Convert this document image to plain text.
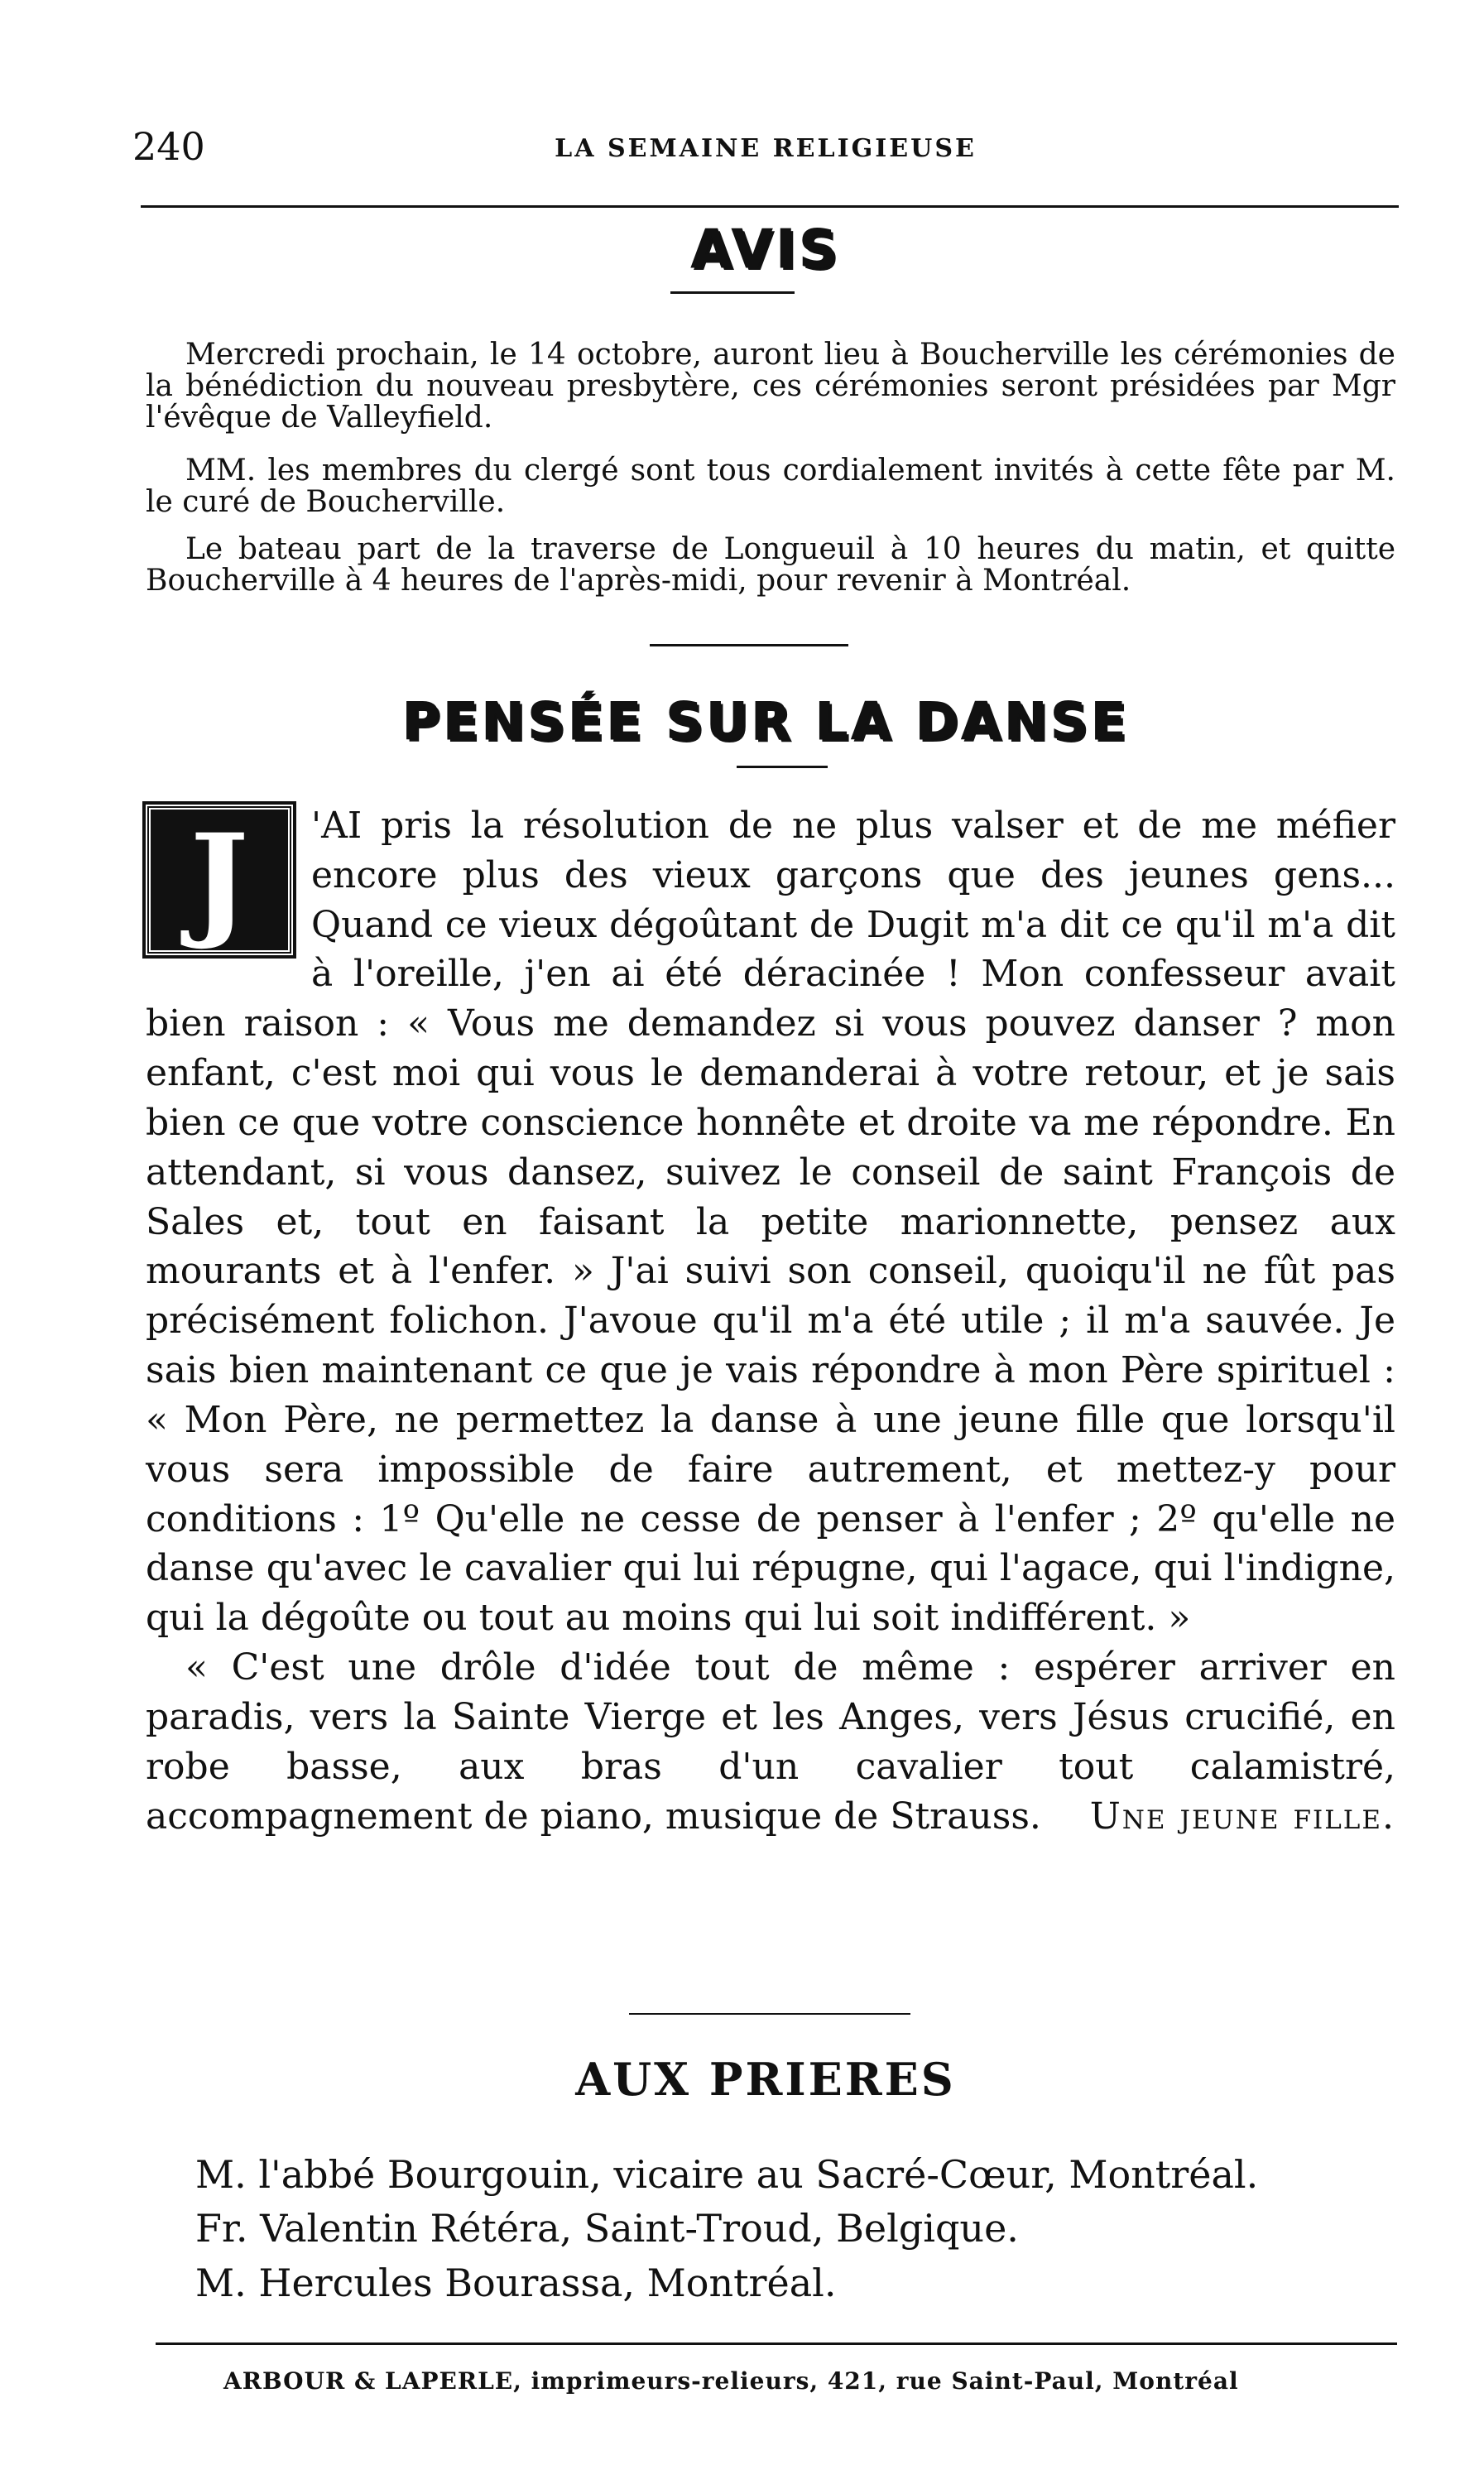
240	LA SEMAINE RELIGIEUSE
AVIS

Mercredi prochain, le 14 octobre, auront lieu à Boucherville les cérémonies de la bénédiction du nouveau presbytère, ces cérémonies seront présidées par Mgr l'évêque de Valleyfield.

MM. les membres du clergé sont tous cordialement invités à cette fête par M. le curé de Boucherville.

Le bateau part de la traverse de Longueuil à 10 heures du matin, et quitte Boucherville à 4 heures de l'après-midi, pour revenir à Montréal.

PENSÉE SUR LA DANSE
J	'AI pris la résolution de ne plus valser et de me méfier encore plus des vieux garçons que des jeunes gens... Quand ce vieux dégoûtant de Dugit m'a dit ce qu'il m'a dit à l'oreille, j'en ai été déracinée ! Mon confesseur avait bien raison : « Vous me demandez si vous pouvez danser ? mon enfant, c'est moi qui vous le demanderai à votre retour, et je sais bien ce que votre conscience honnête et droite va me répondre. En attendant, si vous dansez, suivez le conseil de saint François de Sales et, tout en faisant la petite marionnette, pensez aux mourants et à l'enfer. » J'ai suivi son conseil, quoiqu'il ne fût pas précisément folichon. J'avoue qu'il m'a été utile ; il m'a sauvée. Je sais bien maintenant ce que je vais répondre à mon Père spirituel : « Mon Père, ne permettez la danse à une jeune fille que lorsqu'il vous sera impossible de faire autrement, et mettez-y pour conditions : 1º Qu'elle ne cesse de penser à l'enfer ; 2º qu'elle ne danse qu'avec le cavalier qui lui répugne, qui l'agace, qui l'indigne, qui la dégoûte ou tout au moins qui lui soit indifférent. »
« C'est une drôle d'idée tout de même : espérer arriver en paradis, vers la Sainte Vierge et les Anges, vers Jésus crucifié, en robe basse, aux bras d'un cavalier tout calamistré, accompagnement de piano, musique de Strauss.	Une jeune fille.
AUX PRIERES
M. l'abbé Bourgouin, vicaire au Sacré-Cœur, Montréal.
Fr. Valentin Rétéra, Saint-Troud, Belgique.
M. Hercules Bourassa, Montréal.
ARBOUR & LAPERLE, imprimeurs-relieurs, 421, rue Saint-Paul, Montréal
